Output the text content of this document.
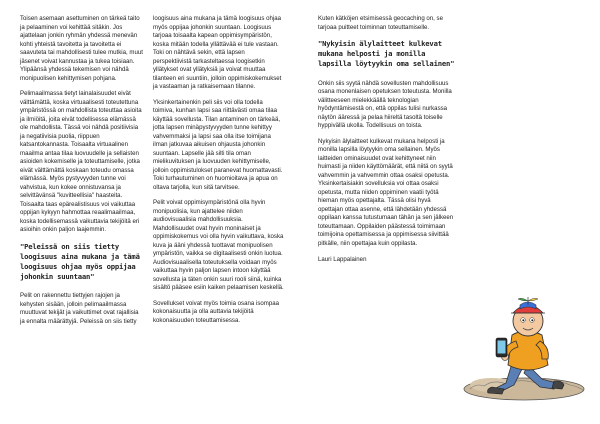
Toisen asemaan asettuminen on tärkeä taito ja pelaaminen voi kehittää sitäkin. Jos ajattelaan jonkin ryhmän yhdessä menevän kohti yhteistä tavoitetta ja tavoitetta ei saavuteta tai mahdollisesti tulee mutkia, muut jäsenet voivat kannustaa ja tukea toisiaan. Ylipäänsä yhdessä tekemisen voi nähdä monipuolisen kehittymisen pohjana.

Pelimaailmassa tietyt lainalaisuudet eivät välttämättä, koska virtuaalisesti toteutettuna ympäristössä on mahdollista toteuttaa asioita ja ilmiöitä, joita eivät todellisessa elämässä ole mahdollista. Tässä voi nähdä positiivisia ja negatiivisia puolia, riippuen katsantokannasta. Toisaalta virtuaalinen maailma antaa tilaa luovuudelle ja sellaisten asioiden kokemiselle ja toteuttamiselle, jotka eivät välttämättä koskaan toteudu omassa elämässä. Myös pystyvyyden tunne voi vahvistua, kun kokee onnistuvansa ja selvittävänsä "kuvitteellisia" haasteita. Toisaalta taas epärealistisuus voi vaikuttaa oppijan kykyyn hahmottaa reaalimaailmaa, koska todellisemassä vaikuttavia tekijöitä eri asioihin onkin paljon laajemmin.

"Peleissä on siis tietty loogisuus aina mukana ja tämä loogisuus ohjaa myös oppijaa johonkin suuntaan"

Pelit on rakennettu tiettyjen rajojen ja kehysten sisään, jolloin pelimaailmassa muuttuvat tekijät ja vaikuttimet ovat rajallisia ja ennalta määrättyjä. Peleissä on siis tietty

loogisuus aina mukana ja tämä loogisuus ohjaa myös oppijaa johonkin suuntaan. Loogisuus tarjoaa toisaalta kapean oppimisympäristön, koska mitään todella yllättävää ei tule vastaan. Toki on nähtävä sekin, että lapsen perspektiivistä tarkasteltaessa loogisetkin yllätykset ovat yllätyksiä ja voivat muuttaa tilanteen eri suuntiin, jolloin oppimiskokemukset ja vastaaman ja ratkaisemaan tilanne.

Yksinkertainenkin peli siis voi olla todella toimiva, kunhan lapsi saa riittävästi omaa tilaa käyttää sovellusta. Tilan antaminen on tärkeää, jotta lapsen minäpystyvyyden tunne kehittyy vahvemmaksi ja lapsi saa olla itse toimijana ilman jatkuvaa aikuisen ohjausta johonkin suuntaan. Lapselle jää silti tila oman mielikuvituksen ja luovuuden kehittymiselle, jolloin oppimistulokset paranevat huomattavasti. Toki turhautuminen on huomioitava ja apua on oltava tarjolla, kun sitä tarvitsee.

Pelit voivat oppimisympäristönä olla hyvin monipuolisia, kun ajattelee niiden audiovisuaalisia mahdollisuuksia. Mahdollisuudet ovat hyvin moninaiset ja oppimiskokemus voi olla hyvin vaikuttava, koska kuva ja ääni yhdessä tuottavat monipuolisen ympäristön, vaikka se digitaalisesti onkin luotua. Audiovisuaalisella toteutuksella voidaan myös vaikuttaa hyvin paljon lapsen intoon käyttää sovellusta ja täten onkin suuri rooli siinä, kuinka sisältö pääsee esiin kaiken pelaamisen keskellä.

Sovellukset voivat myös toimia osana isompaa kokonaisuutta ja olla auttavia tekijöitä kokonaisuuden toteuttamisessa.

Kuten kätköjen etsimisessä geocaching on, se tarjoaa puitteet toiminnan toteuttamiselle.

"Nykyisin älylaitteet kulkevat mukana helposti ja monilla lapsilla löytyykin oma sellainen"

Onkin siis syytä nähdä sovellusten mahdollisuus osana monenlaisen opetuksen toteutusta. Monilla välitteeseen mielekkäällä teknologian hyödyntämisestä on, että oppilas tulisi nurkassa näytön ääressä ja pelaa hiireltä tasoltä toiselle hyppivällä ukolla. Todellisuus on toista.

Nykyisin älylaitteet kulkevat mukana helposti ja monilla lapsilla löytyykin oma sellainen. Myös laitteiden ominaisuudet ovat kehittyneet niin huimasti ja niiden käyttömäärät, että niitä on syytä vahvemmin ja vahvemmin ottaa osaksi opetusta. Yksinkertaisiakin sovelluksia voi ottaa osaksi opetusta, mutta niiden oppiminen vaatii työtä hieman myös opettajalta. Tässä olisi hyvä opettajan ottaa asenne, että lähdetään yhdessä oppilaan kanssa tutustumaan tähän ja sen jälkeen toteuttamaan. Oppilaiden päästessä toimimaan toimijoina opettamisessa ja oppimisessa siivittää pitkälle, niin opettajaa kuin oppilasta.

Lauri Lappalainen
